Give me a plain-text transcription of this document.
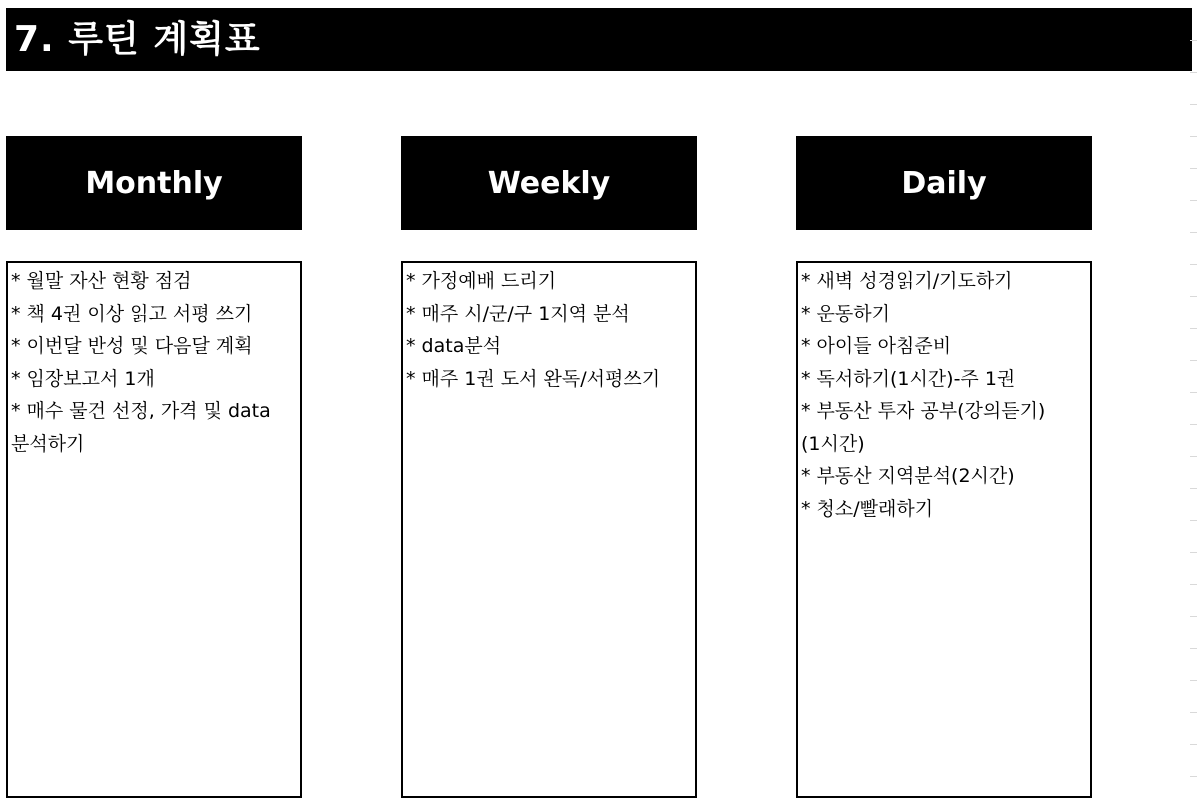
7. 루틴 계획표
Monthly	Weekly	Daily
* 월말 자산 현황 점검
* 책 4권 이상 읽고 서평 쓰기
* 이번달 반성 및 다음달 계획
* 임장보고서 1개
* 매수 물건 선정, 가격 및 data 분석하기
* 가정예배 드리기
* 매주 시/군/구 1지역 분석
* data분석
* 매주 1권 도서 완독/서평쓰기
* 새벽 성경읽기/기도하기
* 운동하기
* 아이들 아침준비
* 독서하기(1시간)-주 1권
* 부동산 투자 공부(강의듣기)(1시간)
* 부동산 지역분석(2시간)
* 청소/빨래하기
